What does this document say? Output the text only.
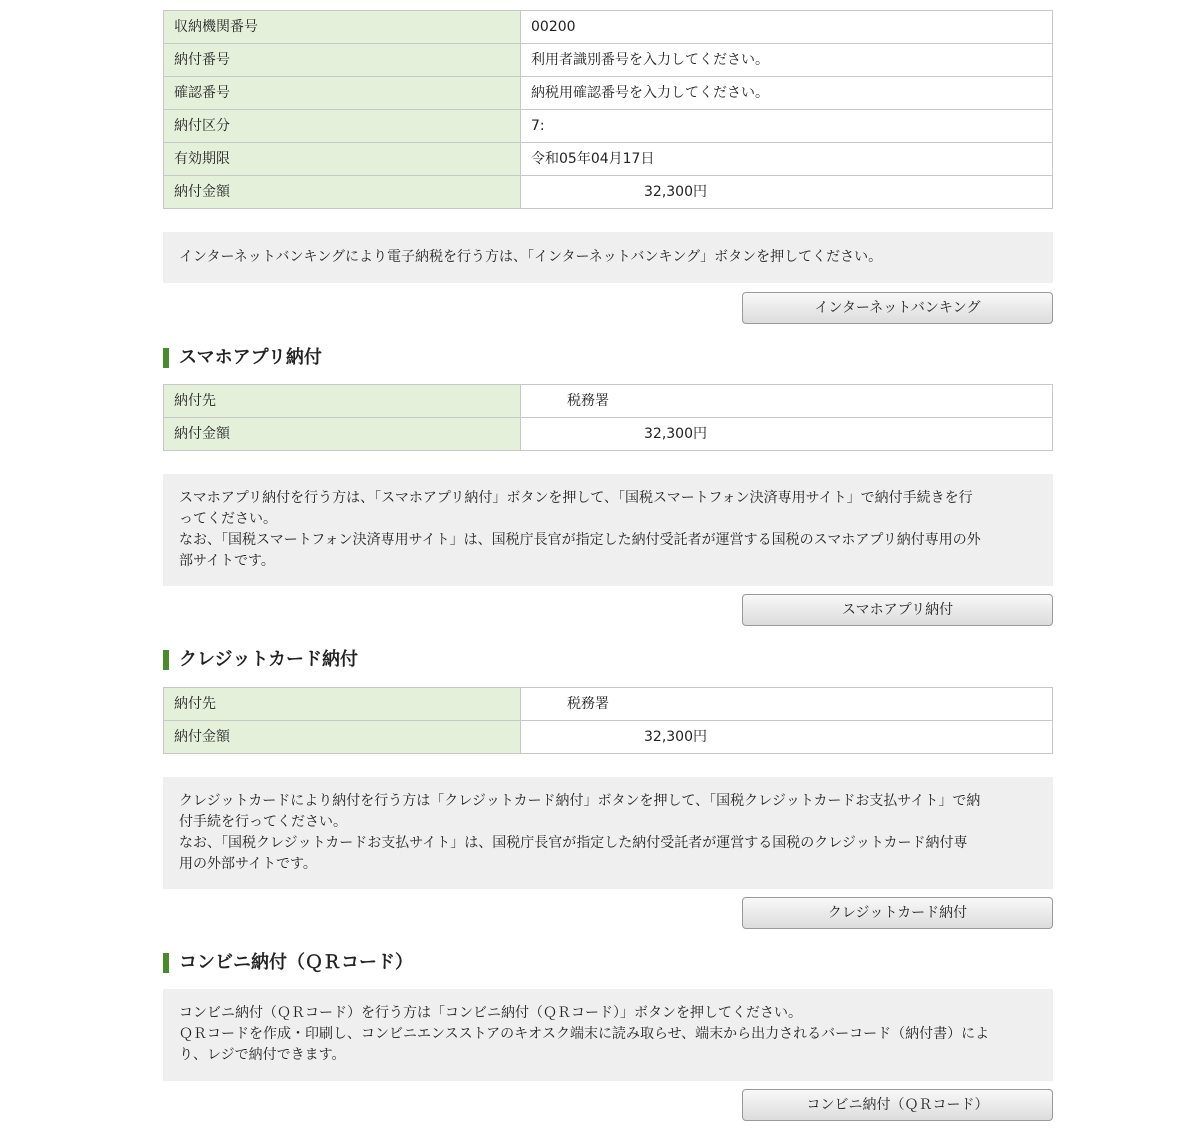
収納機関番号	00200
納付番号	利用者識別番号を入力してください。
確認番号	納税用確認番号を入力してください。
納付区分	7:
有効期限	令和05年04月17日
納付金額	32,300円

インターネットバンキングにより電子納税を行う方は、「インターネットバンキング」ボタンを押してください。

インターネットバンキング
スマホアプリ納付
納付先	税務署
納付金額	32,300円

スマホアプリ納付を行う方は、「スマホアプリ納付」ボタンを押して、「国税スマートフォン決済専用サイト」で納付手続きを行

ってください。

なお、「国税スマートフォン決済専用サイト」は、国税庁長官が指定した納付受託者が運営する国税のスマホアプリ納付専用の外

部サイトです。

スマホアプリ納付
クレジットカード納付
納付先	税務署
納付金額	32,300円

クレジットカードにより納付を行う方は「クレジットカード納付」ボタンを押して、「国税クレジットカードお支払サイト」で納

付手続を行ってください。

なお、「国税クレジットカードお支払サイト」は、国税庁長官が指定した納付受託者が運営する国税のクレジットカード納付専

用の外部サイトです。

クレジットカード納付
コンビニ納付（ＱＲコード）

コンビニ納付（ＱＲコード）を行う方は「コンビニ納付（ＱＲコード）」ボタンを押してください。

ＱＲコードを作成・印刷し、コンビニエンスストアのキオスク端末に読み取らせ、端末から出力されるバーコード（納付書）によ

り、レジで納付できます。

コンビニ納付（ＱＲコード）
